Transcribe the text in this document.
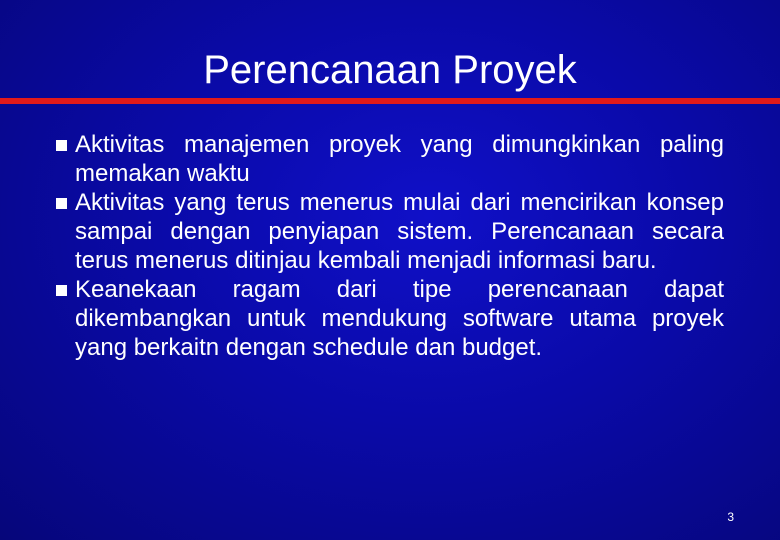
Perencanaan Proyek
Aktivitas manajemen proyek yang dimungkinkan paling memakan waktu
Aktivitas yang terus menerus mulai dari mencirikan konsep sampai dengan penyiapan sistem. Perencanaan secara terus menerus ditinjau kembali menjadi informasi baru.
Keanekaan ragam dari tipe perencanaan dapat dikembangkan untuk mendukung software utama proyek yang berkaitn dengan schedule dan budget.
3
